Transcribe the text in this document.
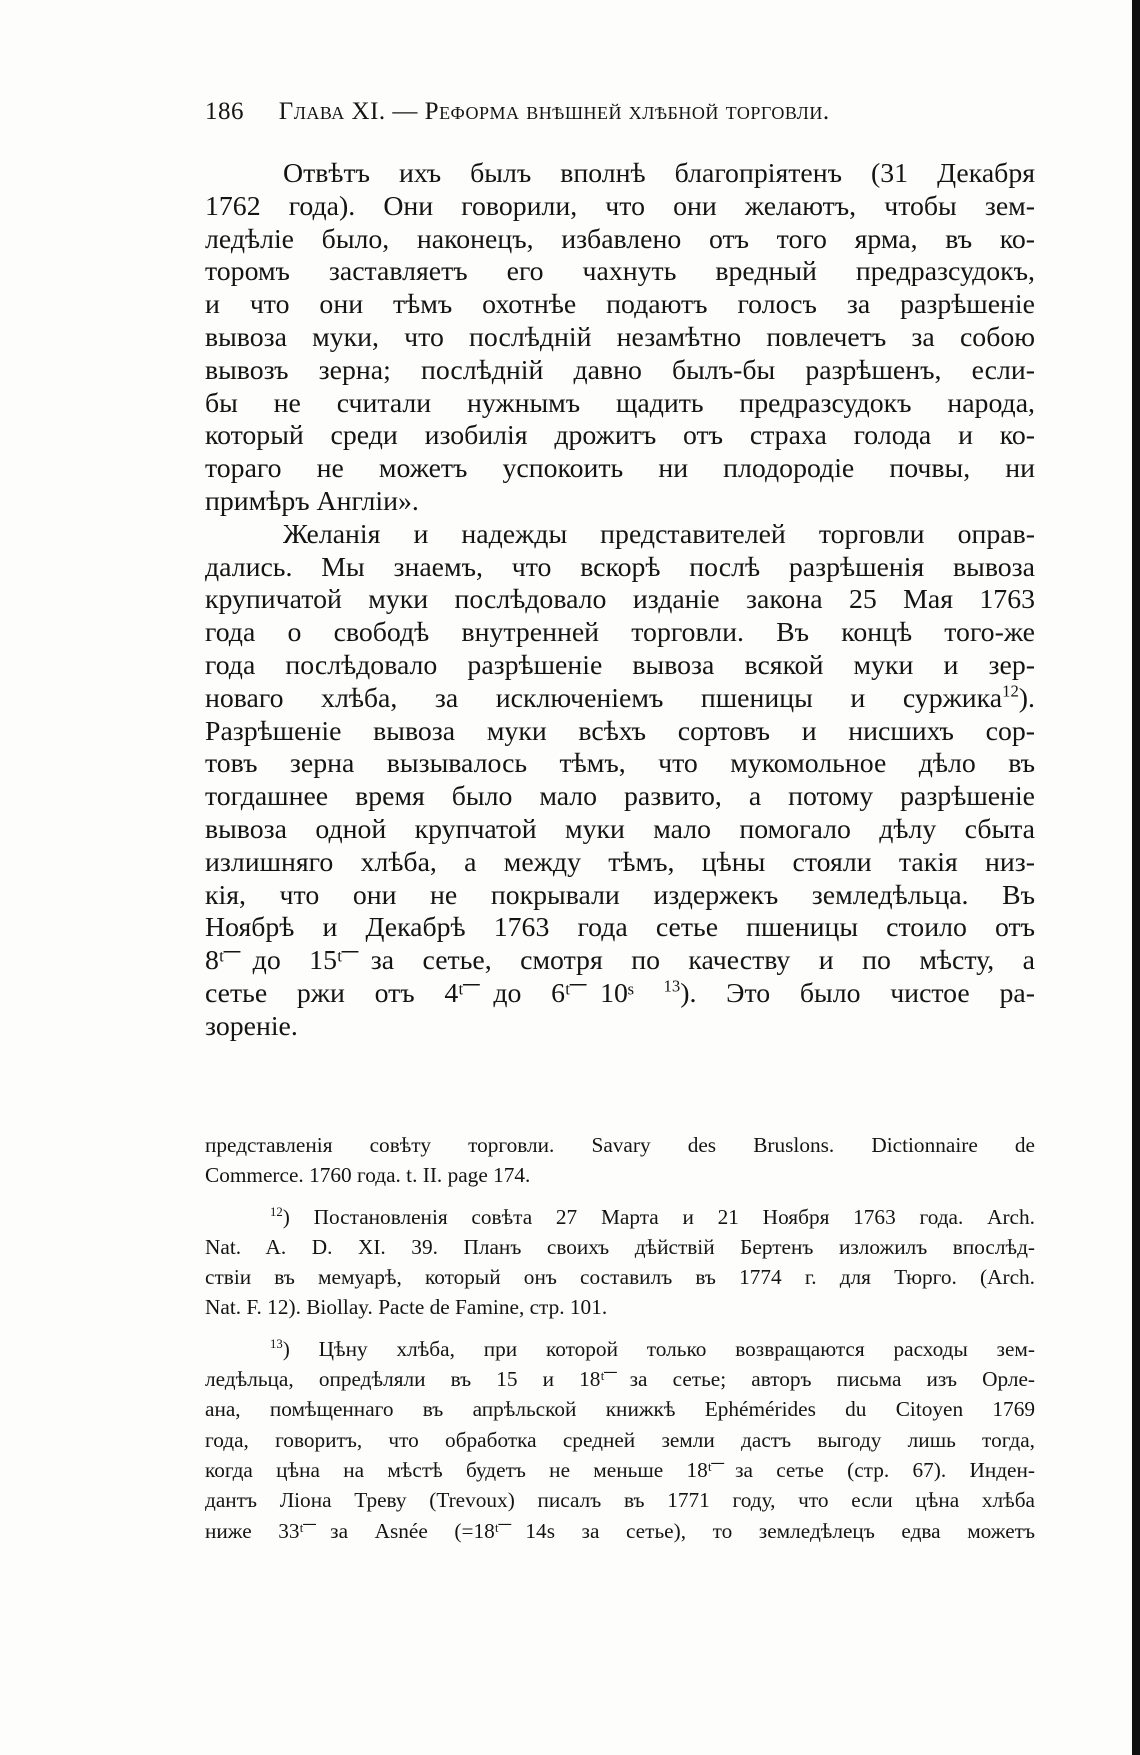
186 Глава XI. — Реформа внѣшней хлѣбной торговли.
Отвѣтъ ихъ былъ вполнѣ благопріятенъ (31 Декабря
1762 года). Они говорили, что они желаютъ, чтобы зем-
ледѣліе было, наконецъ, избавлено отъ того ярма, въ ко-
торомъ заставляетъ его чахнуть вредный предразсудокъ,
и что они тѣмъ охотнѣе подаютъ голосъ за разрѣшеніе
вывоза муки, что послѣдній незамѣтно повлечетъ за собою
вывозъ зерна; послѣдній давно былъ-бы разрѣшенъ, если-
бы не считали нужнымъ щадить предразсудокъ народа,
который среди изобилія дрожитъ отъ страха голода и ко-
тораго не можетъ успокоить ни плодородіе почвы, ни
примѣръ Англіи».
Желанія и надежды представителей торговли оправ-
дались. Мы знаемъ, что вскорѣ послѣ разрѣшенія вывоза
крупичатой муки послѣдовало изданіе закона 25 Мая 1763
года о свободѣ внутренней торговли. Въ концѣ того-же
года послѣдовало разрѣшеніе вывоза всякой муки и зер-
новаго хлѣба, за исключеніемъ пшеницы и суржика$^{12}$).
Разрѣшеніе вывоза муки всѣхъ сортовъ и нисшихъ сор-
товъ зерна вызывалось тѣмъ, что мукомольное дѣло въ
тогдашнее время было мало развито, а потому разрѣшеніе
вывоза одной крупчатой муки мало помогало дѣлу сбыта
излишняго хлѣба, а между тѣмъ, цѣны стояли такія низ-
кія, что они не покрывали издержекъ земледѣльца. Въ
Ноябрѣ и Декабрѣ 1763 года сетье пшеницы стоило отъ
8ᵗ͞ до 15ᵗ͞ за сетье, смотря по качеству и по мѣсту, а
сетье ржи отъ 4ᵗ͞ до 6ᵗ͞ 10ˢ $^{13}$). Это было чистое ра-
зореніе.
представленія совѣту торговли. Savary des Bruslons. Dictionnaire de
Commerce. 1760 года. t. II. page 174.
$^{12}$) Постановленія совѣта 27 Марта и 21 Ноября 1763 года. Arch.
Nat. A. D. XI. 39. Планъ своихъ дѣйствій Бертенъ изложилъ впослѣд-
ствіи въ мемуарѣ, который онъ составилъ въ 1774 г. для Тюрго. (Arch.
Nat. F. 12). Biollay. Pacte de Famine, стр. 101.
$^{13}$) Цѣну хлѣба, при которой только возвращаются расходы зем-
ледѣльца, опредѣляли въ 15 и 18ᵗ͞ за сетье; авторъ письма изъ Орле-
ана, помѣщеннаго въ апрѣльской книжкѣ Ephémérides du Citoyen 1769
года, говоритъ, что обработка средней земли дастъ выгоду лишь тогда,
когда цѣна на мѣстѣ будетъ не меньше 18ᵗ͞ за сетье (стр. 67). Инден-
дантъ Ліона Треву (Trevoux) писалъ въ 1771 году, что если цѣна хлѣба
ниже 33ᵗ͞ за Asnée (=18ᵗ͞ 14s за сетье), то земледѣлецъ едва можетъ
